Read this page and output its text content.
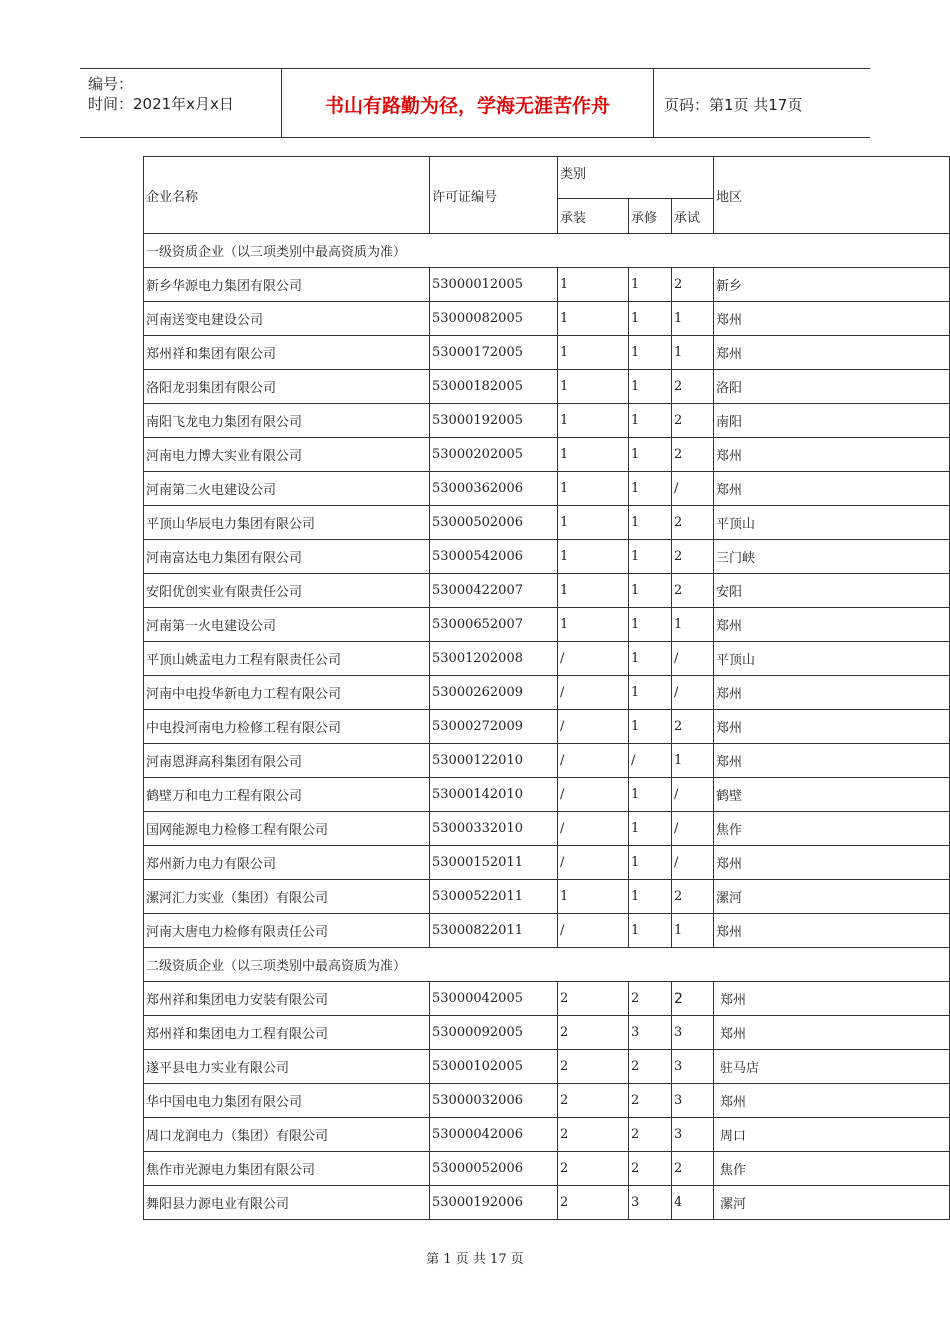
编号：
时间：2021年x月x日	书山有路勤为径，学海无涯苦作舟	页码：第1页 共17页
企业名称	许可证编号	类别			地区
		承装	承修	承试	
一级资质企业（以三项类别中最高资质为准）					
新乡华源电力集团有限公司	53000012005	1	1	2	新乡
河南送变电建设公司	53000082005	1	1	1	郑州
郑州祥和集团有限公司	53000172005	1	1	1	郑州
洛阳龙羽集团有限公司	53000182005	1	1	2	洛阳
南阳飞龙电力集团有限公司	53000192005	1	1	2	南阳
河南电力博大实业有限公司	53000202005	1	1	2	郑州
河南第二火电建设公司	53000362006	1	1	/	郑州
平顶山华辰电力集团有限公司	53000502006	1	1	2	平顶山
河南富达电力集团有限公司	53000542006	1	1	2	三门峡
安阳优创实业有限责任公司	53000422007	1	1	2	安阳
河南第一火电建设公司	53000652007	1	1	1	郑州
平顶山姚孟电力工程有限责任公司	53001202008	/	1	/	平顶山
河南中电投华新电力工程有限公司	53000262009	/	1	/	郑州
中电投河南电力检修工程有限公司	53000272009	/	1	2	郑州
河南恩湃高科集团有限公司	53000122010	/	/	1	郑州
鹤壁万和电力工程有限公司	53000142010	/	1	/	鹤壁
国网能源电力检修工程有限公司	53000332010	/	1	/	焦作
郑州新力电力有限公司	53000152011	/	1	/	郑州
漯河汇力实业（集团）有限公司	53000522011	1	1	2	漯河
河南大唐电力检修有限责任公司	53000822011	/	1	1	郑州
二级资质企业（以三项类别中最高资质为准）					
郑州祥和集团电力安装有限公司	53000042005	2	2	2	郑州
郑州祥和集团电力工程有限公司	53000092005	2	3	3	郑州
遂平县电力实业有限公司	53000102005	2	2	3	驻马店
华中国电电力集团有限公司	53000032006	2	2	3	郑州
周口龙润电力（集团）有限公司	53000042006	2	2	3	周口
焦作市光源电力集团有限公司	53000052006	2	2	2	焦作
舞阳县力源电业有限公司	53000192006	2	3	4	漯河
第 1 页 共 17 页
